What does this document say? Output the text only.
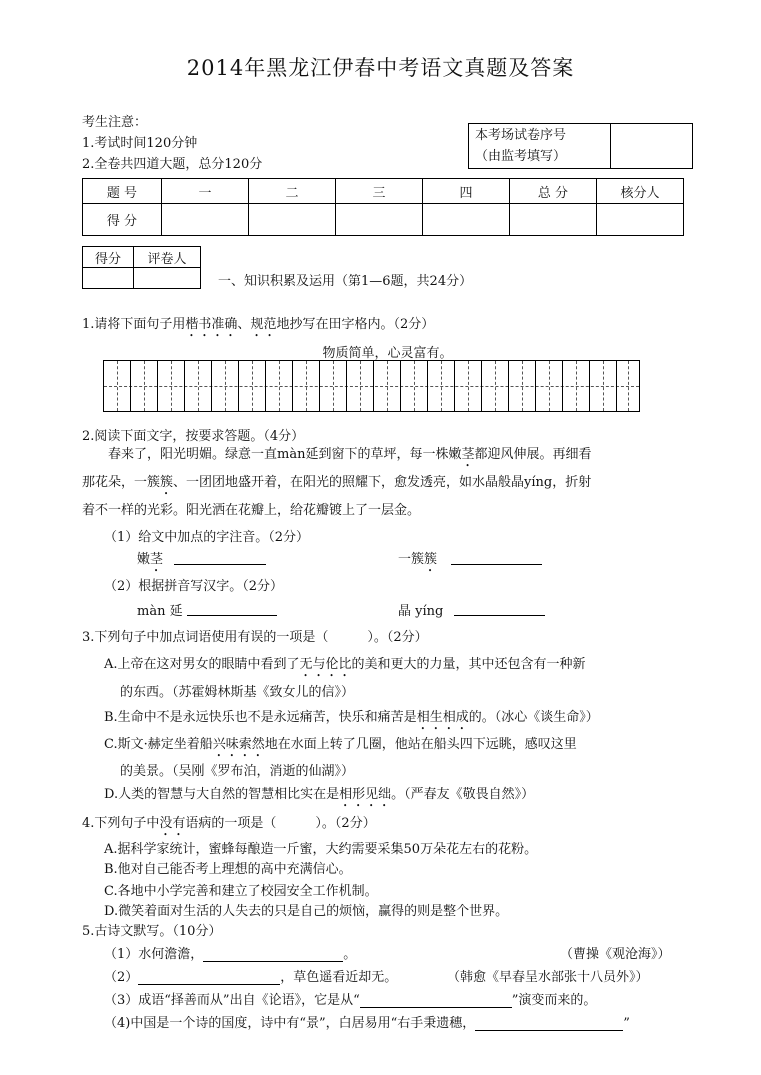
2014年黑龙江伊春中考语文真题及答案
考生注意：
1.考试时间120分钟
2.全卷共四道大题，总分120分
本考场试卷序号
（由监考填写）

题 号	一	二	三	四	总 分	核分人
得 分						
得分	评卷人

一、知识积累及运用（第1—6题，共24分）
1.请将下面句子用楷书准确、规范地抄写在田字格内。（2分）
物质简单，心灵富有。
2.阅读下面文字，按要求答题。（4分）
春来了，阳光明媚。绿意一直màn延到窗下的草坪，每一株嫩茎都迎风伸展。再细看
那花朵，一簇簇、一团团地盛开着，在阳光的照耀下，愈发透亮，如水晶般晶yíng，折射
着不一样的光彩。阳光洒在花瓣上，给花瓣镀上了一层金。
（1）给文中加点的字注音。（2分）
嫩茎	一簇簇
（2）根据拼音写汉字。（2分）
màn 延	晶 yíng
3.下列句子中加点词语使用有误的一项是（　　　）。（2分）
A.上帝在这对男女的眼睛中看到了无与伦比的美和更大的力量，其中还包含有一种新
的东西。（苏霍姆林斯基《致女儿的信》）
B.生命中不是永远快乐也不是永远痛苦，快乐和痛苦是相生相成的。（冰心《谈生命》）
C.斯文·赫定坐着船兴味索然地在水面上转了几圈，他站在船头四下远眺，感叹这里
的美景。（吴刚《罗布泊，消逝的仙湖》）
D.人类的智慧与大自然的智慧相比实在是相形见绌。（严春友《敬畏自然》）
4.下列句子中没有语病的一项是（　　　）。（2分）
A.据科学家统计，蜜蜂每酿造一斤蜜，大约需要采集50万朵花左右的花粉。
B.他对自己能否考上理想的高中充满信心。
C.各地中小学完善和建立了校园安全工作机制。
D.微笑着面对生活的人失去的只是自己的烦恼，赢得的则是整个世界。
5.古诗文默写。（10分）
（1）水何澹澹，	。	（曹操《观沧海》）
（2）	，草色遥看近却无。	（韩愈《早春呈水部张十八员外》）
（3）成语“择善而从”出自《论语》，它是从“	”演变而来的。
（4)中国是一个诗的国度，诗中有“景”，白居易用“右手秉遗穗，	”
